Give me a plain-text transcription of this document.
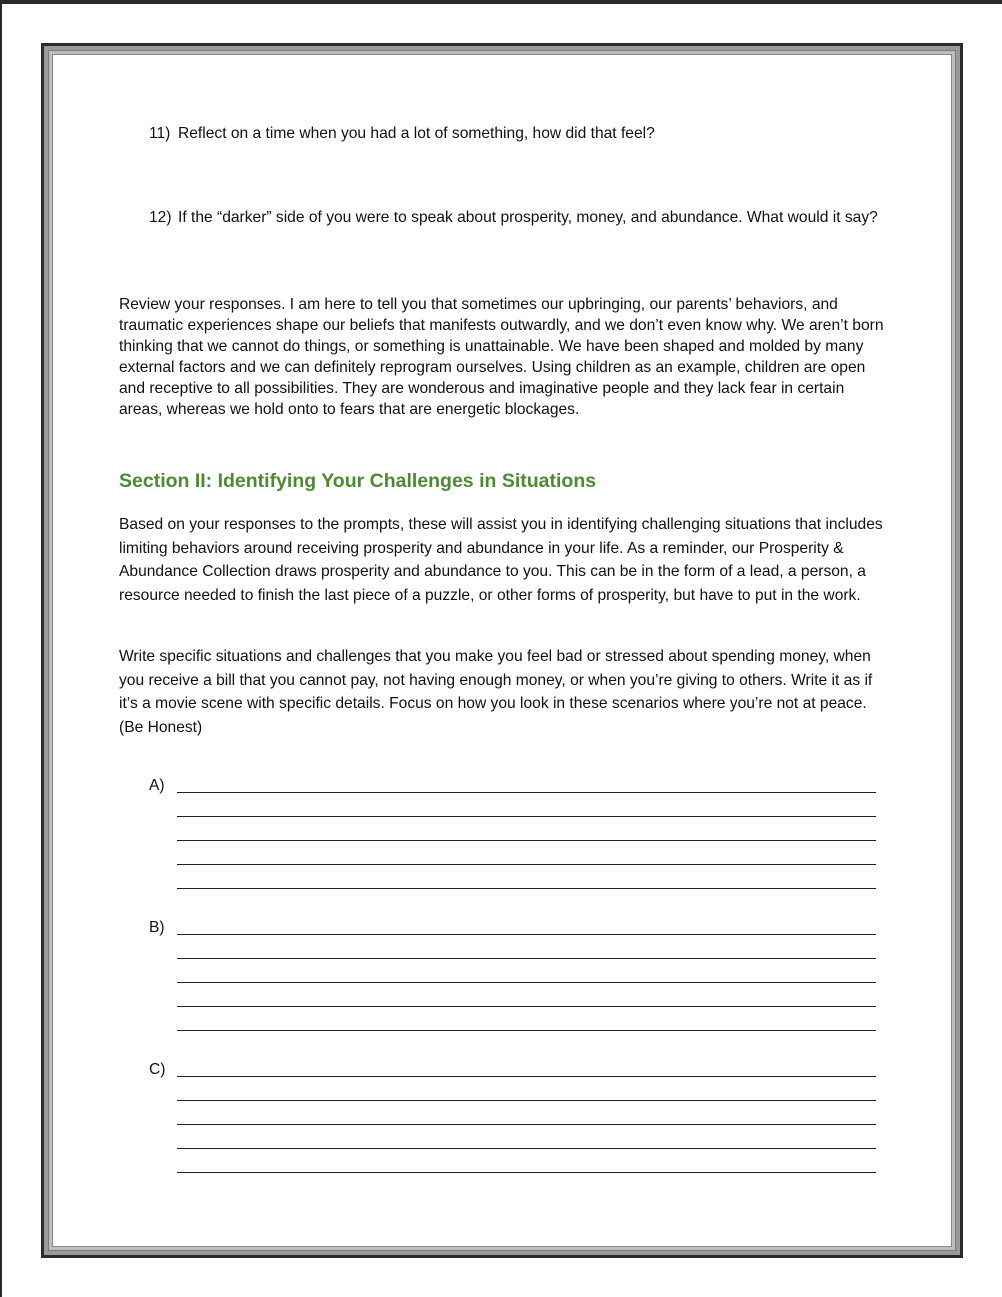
11) Reflect on a time when you had a lot of something, how did that feel?

12) If the “darker” side of you were to speak about prosperity, money, and abundance. What would it say?

Review your responses. I am here to tell you that sometimes our upbringing, our parents’ behaviors, and traumatic experiences shape our beliefs that manifests outwardly, and we don’t even know why. We aren’t born thinking that we cannot do things, or something is unattainable. We have been shaped and molded by many external factors and we can definitely reprogram ourselves. Using children as an example, children are open and receptive to all possibilities. They are wonderous and imaginative people and they lack fear in certain areas, whereas we hold onto to fears that are energetic blockages.

Section II: Identifying Your Challenges in Situations

Based on your responses to the prompts, these will assist you in identifying challenging situations that includes limiting behaviors around receiving prosperity and abundance in your life. As a reminder, our Prosperity & Abundance Collection draws prosperity and abundance to you. This can be in the form of a lead, a person, a resource needed to finish the last piece of a puzzle, or other forms of prosperity, but have to put in the work.

Write specific situations and challenges that you make you feel bad or stressed about spending money, when you receive a bill that you cannot pay, not having enough money, or when you’re giving to others. Write it as if it’s a movie scene with specific details. Focus on how you look in these scenarios where you’re not at peace. (Be Honest)

A)
B)
C)
